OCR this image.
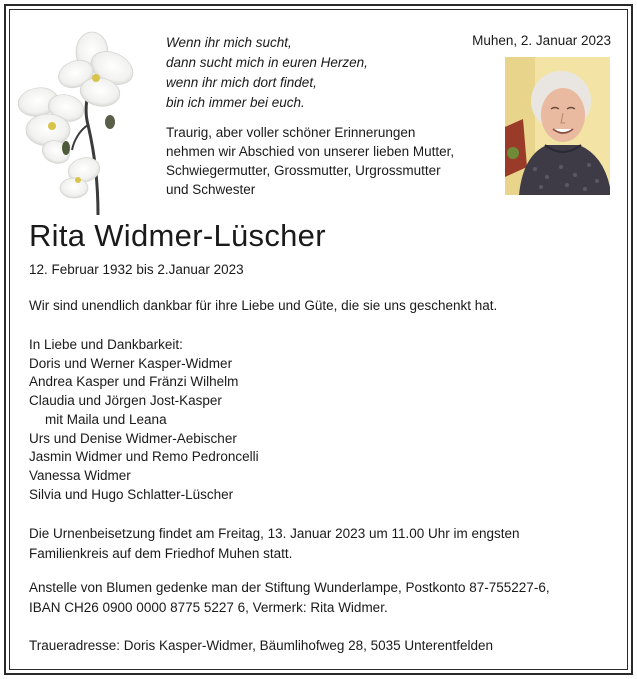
Wenn ihr mich sucht,
dann sucht mich in euren Herzen,
wenn ihr mich dort findet,
bin ich immer bei euch.
Muhen, 2. Januar 2023
Traurig, aber voller schöner Erinnerungen
nehmen wir Abschied von unserer lieben Mutter,
Schwiegermutter, Grossmutter, Urgrossmutter
und Schwester
Rita Widmer-Lüscher
12. Februar 1932 bis 2.Januar 2023
Wir sind unendlich dankbar für ihre Liebe und Güte, die sie uns geschenkt hat.
In Liebe und Dankbarkeit:
Doris und Werner Kasper-Widmer
Andrea Kasper und Fränzi Wilhelm
Claudia und Jörgen Jost-Kasper
mit Maila und Leana
Urs und Denise Widmer-Aebischer
Jasmin Widmer und Remo Pedroncelli
Vanessa Widmer
Silvia und Hugo Schlatter-Lüscher
Die Urnenbeisetzung findet am Freitag, 13. Januar 2023 um 11.00 Uhr im engsten
Familienkreis auf dem Friedhof Muhen statt.
Anstelle von Blumen gedenke man der Stiftung Wunderlampe, Postkonto 87-755227-6,
IBAN CH26 0900 0000 8775 5227 6, Vermerk: Rita Widmer.
Traueradresse: Doris Kasper-Widmer, Bäumlihofweg 28, 5035 Unterentfelden
